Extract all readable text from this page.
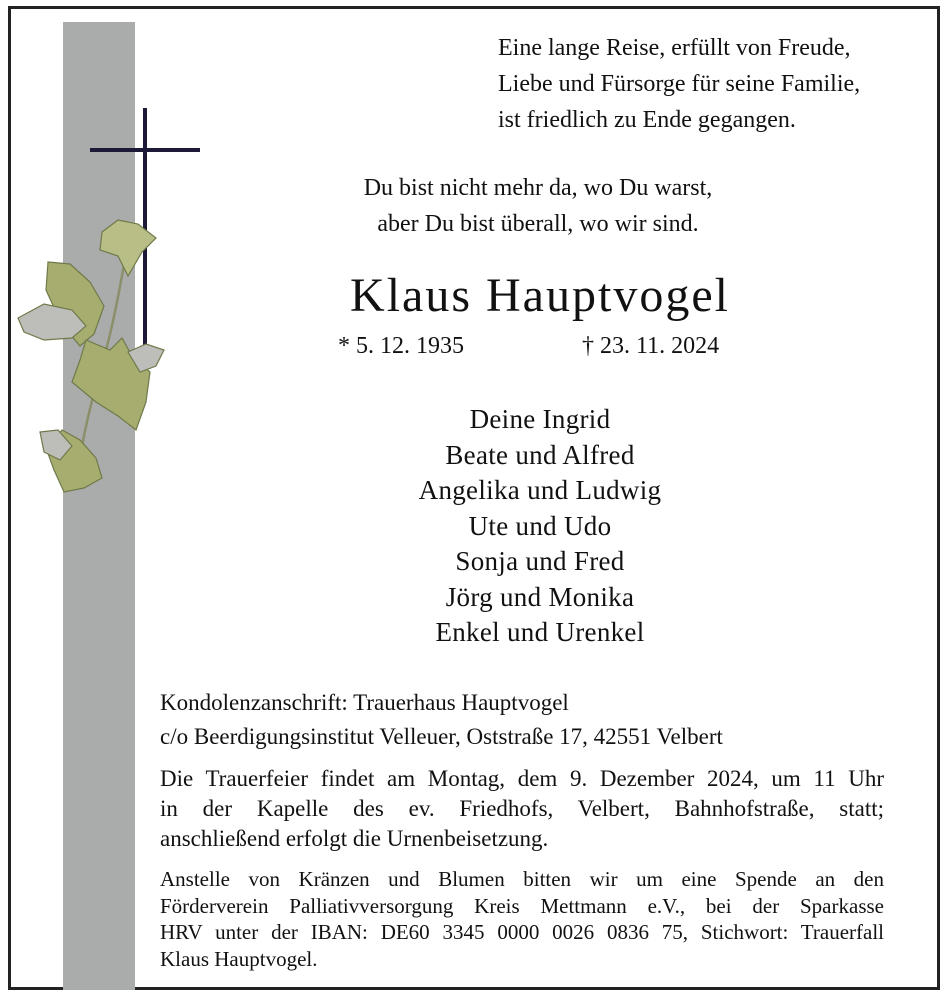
Eine lange Reise, erfüllt von Freude,
Liebe und Fürsorge für seine Familie,
ist friedlich zu Ende gegangen.
Du bist nicht mehr da, wo Du warst,
aber Du bist überall, wo wir sind.
Klaus Hauptvogel
* 5. 12. 1935	† 23. 11. 2024
Deine Ingrid
Beate und Alfred
Angelika und Ludwig
Ute und Udo
Sonja und Fred
Jörg und Monika
Enkel und Urenkel
Kondolenzanschrift: Trauerhaus Hauptvogel
c/o Beerdigungsinstitut Velleuer, Oststraße 17, 42551 Velbert
Die Trauerfeier findet am Montag, dem 9. Dezember 2024, um 11 Uhr
in der Kapelle des ev. Friedhofs, Velbert, Bahnhofstraße, statt;
anschließend erfolgt die Urnenbeisetzung.
Anstelle von Kränzen und Blumen bitten wir um eine Spende an den
Förderverein Palliativversorgung Kreis Mettmann e.V., bei der Sparkasse
HRV unter der IBAN: DE60 3345 0000 0026 0836 75, Stichwort: Trauerfall
Klaus Hauptvogel.
